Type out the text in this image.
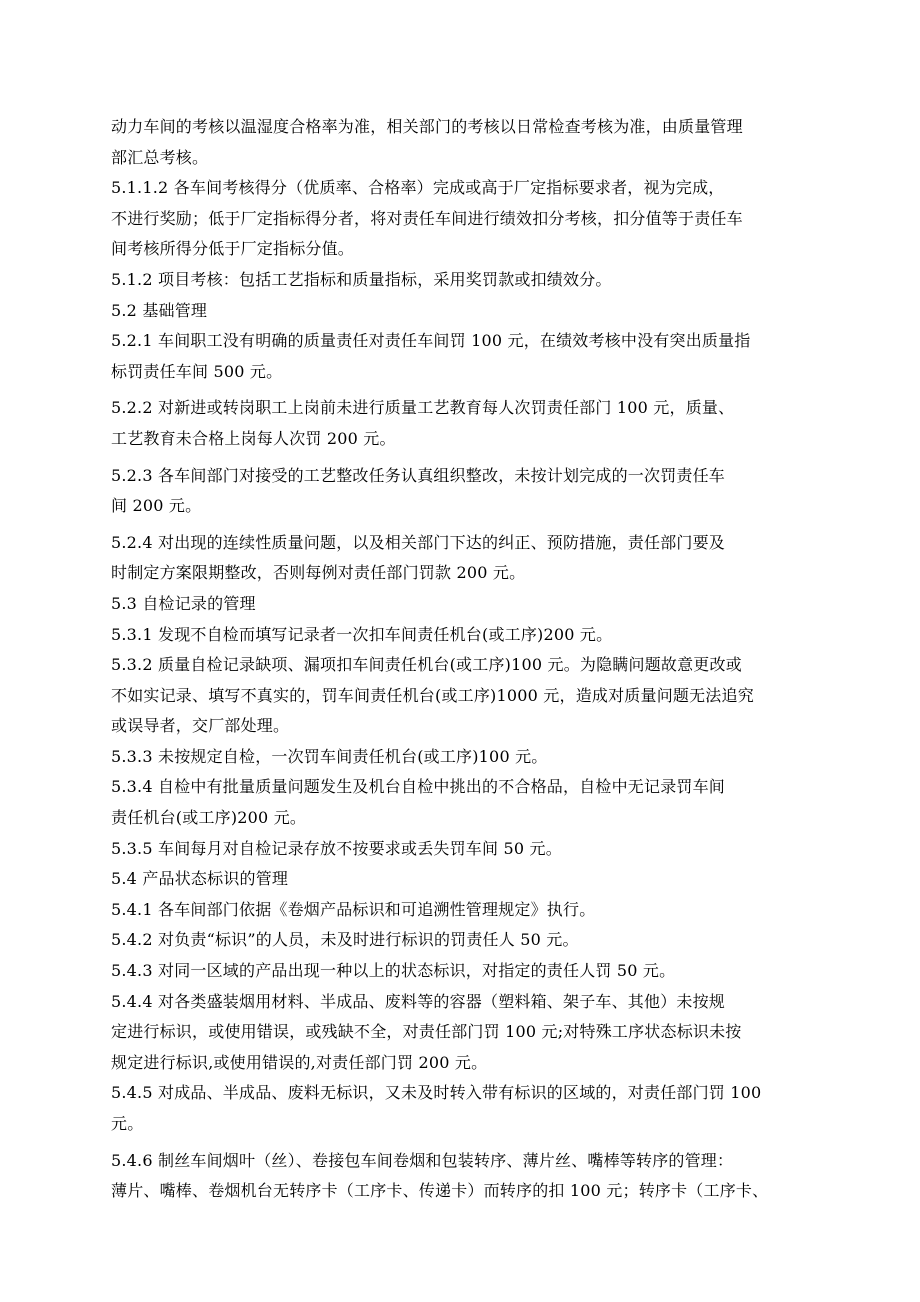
动力车间的考核以温湿度合格率为准，相关部门的考核以日常检查考核为准，由质量管理
部汇总考核。
5.1.1.2 各车间考核得分（优质率、合格率）完成或高于厂定指标要求者，视为完成，
不进行奖励；低于厂定指标得分者，将对责任车间进行绩效扣分考核，扣分值等于责任车
间考核所得分低于厂定指标分值。
5.1.2 项目考核：包括工艺指标和质量指标，采用奖罚款或扣绩效分。
5.2 基础管理
5.2.1 车间职工没有明确的质量责任对责任车间罚 100 元，在绩效考核中没有突出质量指
标罚责任车间 500 元。
5.2.2 对新进或转岗职工上岗前未进行质量工艺教育每人次罚责任部门 100 元，质量、
工艺教育未合格上岗每人次罚 200 元。
5.2.3 各车间部门对接受的工艺整改任务认真组织整改，未按计划完成的一次罚责任车
间 200 元。
5.2.4 对出现的连续性质量问题，以及相关部门下达的纠正、预防措施，责任部门要及
时制定方案限期整改，否则每例对责任部门罚款 200 元。
5.3 自检记录的管理
5.3.1 发现不自检而填写记录者一次扣车间责任机台(或工序)200 元。
5.3.2 质量自检记录缺项、漏项扣车间责任机台(或工序)100 元。为隐瞒问题故意更改或
不如实记录、填写不真实的，罚车间责任机台(或工序)1000 元，造成对质量问题无法追究
或误导者，交厂部处理。
5.3.3 未按规定自检，一次罚车间责任机台(或工序)100 元。
5.3.4 自检中有批量质量问题发生及机台自检中挑出的不合格品，自检中无记录罚车间
责任机台(或工序)200 元。
5.3.5 车间每月对自检记录存放不按要求或丢失罚车间 50 元。
5.4 产品状态标识的管理
5.4.1 各车间部门依据《卷烟产品标识和可追溯性管理规定》执行。
5.4.2 对负责“标识”的人员，未及时进行标识的罚责任人 50 元。
5.4.3 对同一区域的产品出现一种以上的状态标识，对指定的责任人罚 50 元。
5.4.4 对各类盛装烟用材料、半成品、废料等的容器（塑料箱、架子车、其他）未按规
定进行标识，或使用错误，或残缺不全，对责任部门罚 100 元;对特殊工序状态标识未按
规定进行标识,或使用错误的,对责任部门罚 200 元。
5.4.5 对成品、半成品、废料无标识，又未及时转入带有标识的区域的，对责任部门罚 100
元。
5.4.6 制丝车间烟叶（丝）、卷接包车间卷烟和包装转序、薄片丝、嘴棒等转序的管理：
薄片、嘴棒、卷烟机台无转序卡（工序卡、传递卡）而转序的扣 100 元；转序卡（工序卡、
